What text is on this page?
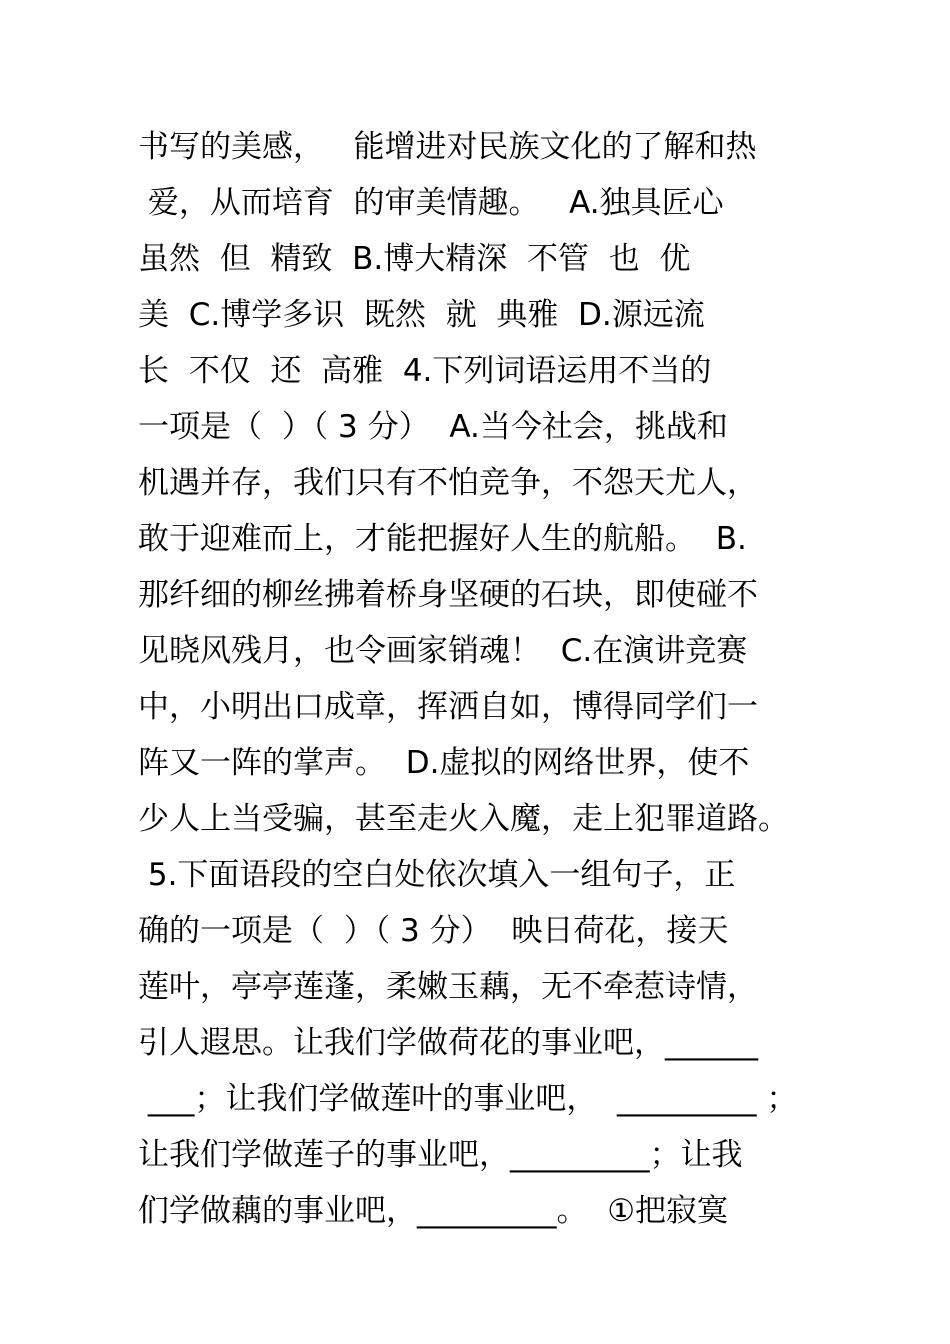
书写的美感，   能增进对民族文化的了解和热
爱，从而培育  的审美情趣。   A.独具匠心
虽然  但  精致  B.博大精深  不管  也  优
美  C.博学多识  既然  就  典雅  D.源远流
长  不仅  还  高雅  4.下列词语运用不当的
一项是（  ）（ 3 分）  A.当今社会，挑战和
机遇并存，我们只有不怕竞争，不怨天尤人，
敢于迎难而上，才能把握好人生的航船。  B.
那纤细的柳丝拂着桥身坚硬的石块，即使碰不
见晓风残月，也令画家销魂！  C.在演讲竞赛
中，小明出口成章，挥洒自如，博得同学们一
阵又一阵的掌声。  D.虚拟的网络世界，使不
少人上当受骗，甚至走火入魔，走上犯罪道路。
5.下面语段的空白处依次填入一组句子，正
确的一项是（  ）（ 3 分）  映日荷花，接天
莲叶，亭亭莲蓬，柔嫩玉藕，无不牵惹诗情，
引人遐思。让我们学做荷花的事业吧，______
___；让我们学做莲叶的事业吧，  _________ ；
让我们学做莲子的事业吧，_________；让我
们学做藕的事业吧，_________。  ①把寂寞
